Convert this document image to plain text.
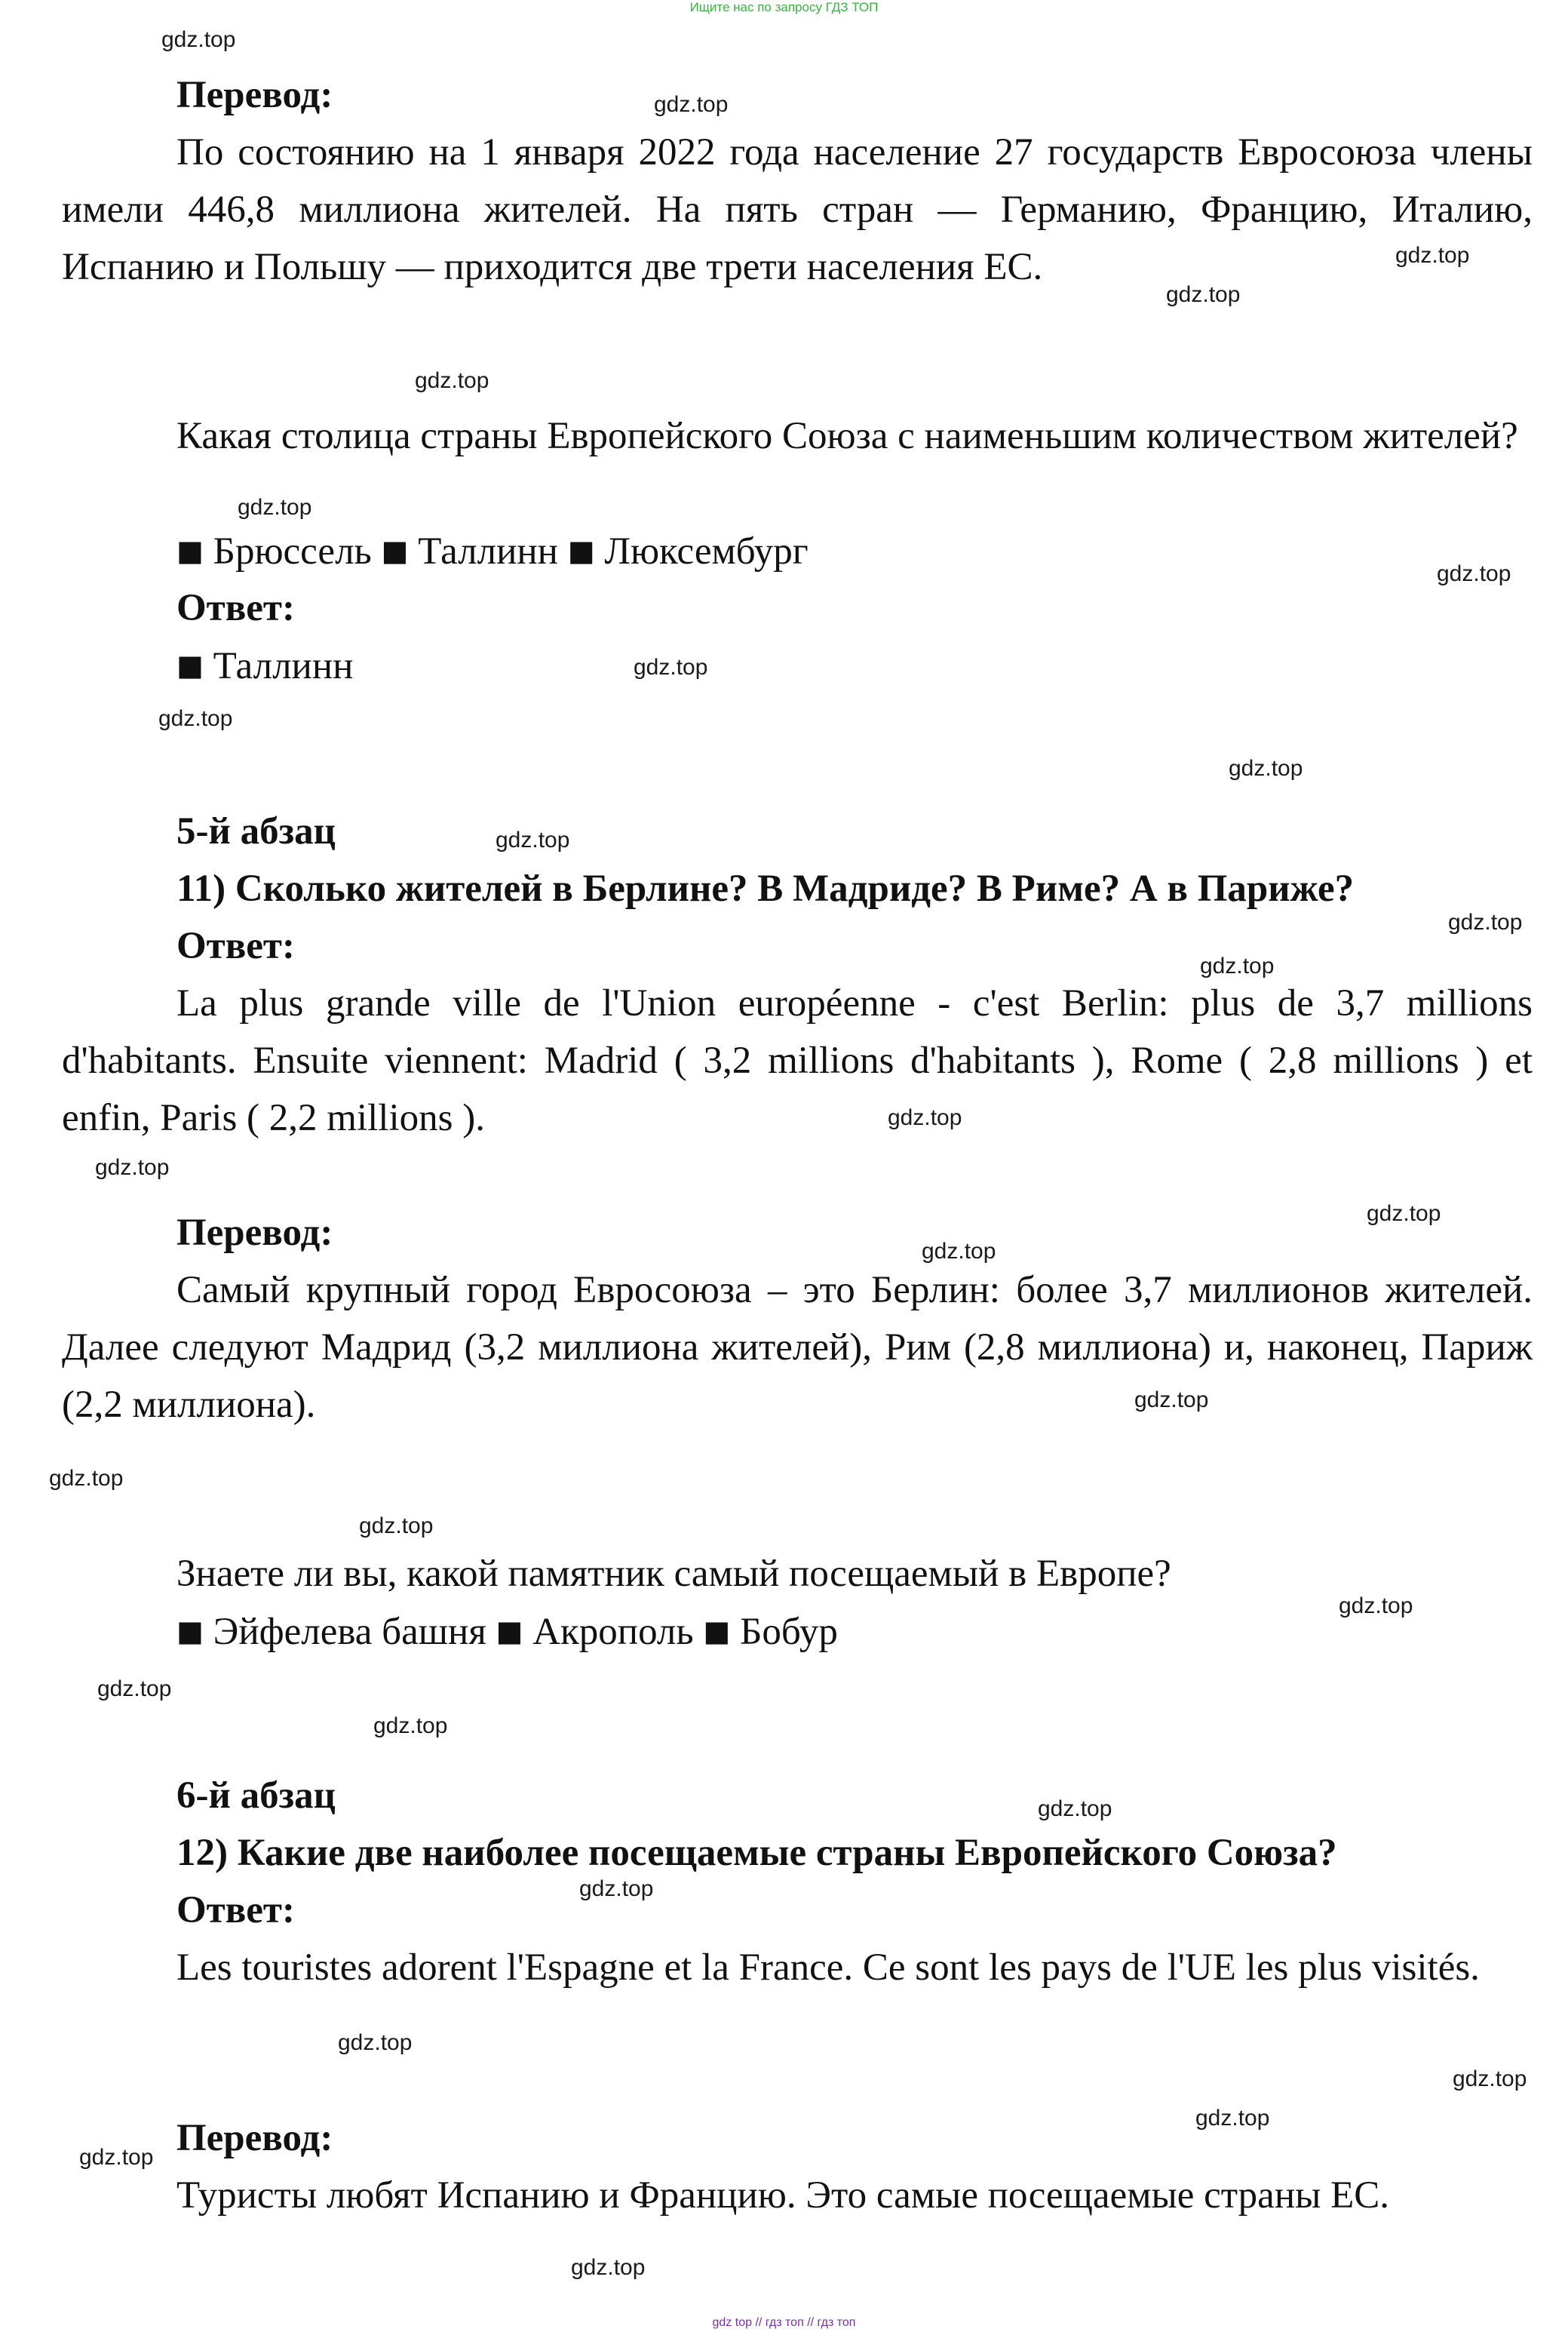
Ищите нас по запросу ГДЗ ТОП
gdz.top
gdz.top
gdz.top
gdz.top
gdz.top
gdz.top
gdz.top
gdz.top
gdz.top
gdz.top
gdz.top
gdz.top
gdz.top
gdz.top
gdz.top
gdz.top
gdz.top
gdz.top
gdz.top
gdz.top
gdz.top
gdz.top
gdz.top
gdz.top
gdz.top
gdz.top
gdz.top
gdz.top
gdz.top
gdz.top
Перевод:
По состоянию на 1 января 2022 года население 27 государств Евросоюза члены имели 446,8 миллиона жителей. На пять стран — Германию, Францию, Италию, Испанию и Польшу — приходится две трети населения ЕС.
Какая столица страны Европейского Союза с наименьшим количеством жителей?
■ Брюссель ■ Таллинн ■ Люксембург
Ответ:
■ Таллинн
5-й абзац
11) Сколько жителей в Берлине? В Мадриде? В Риме? А в Париже?
Ответ:
La plus grande ville de l'Union européenne - c'est Berlin: plus de 3,7 millions d'habitants. Ensuite viennent: Madrid ( 3,2 millions d'habitants ), Rome ( 2,8 millions ) et enfin, Paris ( 2,2 millions ).
Перевод:
Самый крупный город Евросоюза – это Берлин: более 3,7 миллионов жителей. Далее следуют Мадрид (3,2 миллиона жителей), Рим (2,8 миллиона) и, наконец, Париж (2,2 миллиона).
Знаете ли вы, какой памятник самый посещаемый в Европе?
■ Эйфелева башня ■ Акрополь ■ Бобур
6-й абзац
12) Какие две наиболее посещаемые страны Европейского Союза?
Ответ:
Les touristes adorent l'Espagne et la France. Ce sont les pays de l'UE les plus visités.
Перевод:
Туристы любят Испанию и Францию. Это самые посещаемые страны ЕС.
gdz top // гдз топ // гдз топ
